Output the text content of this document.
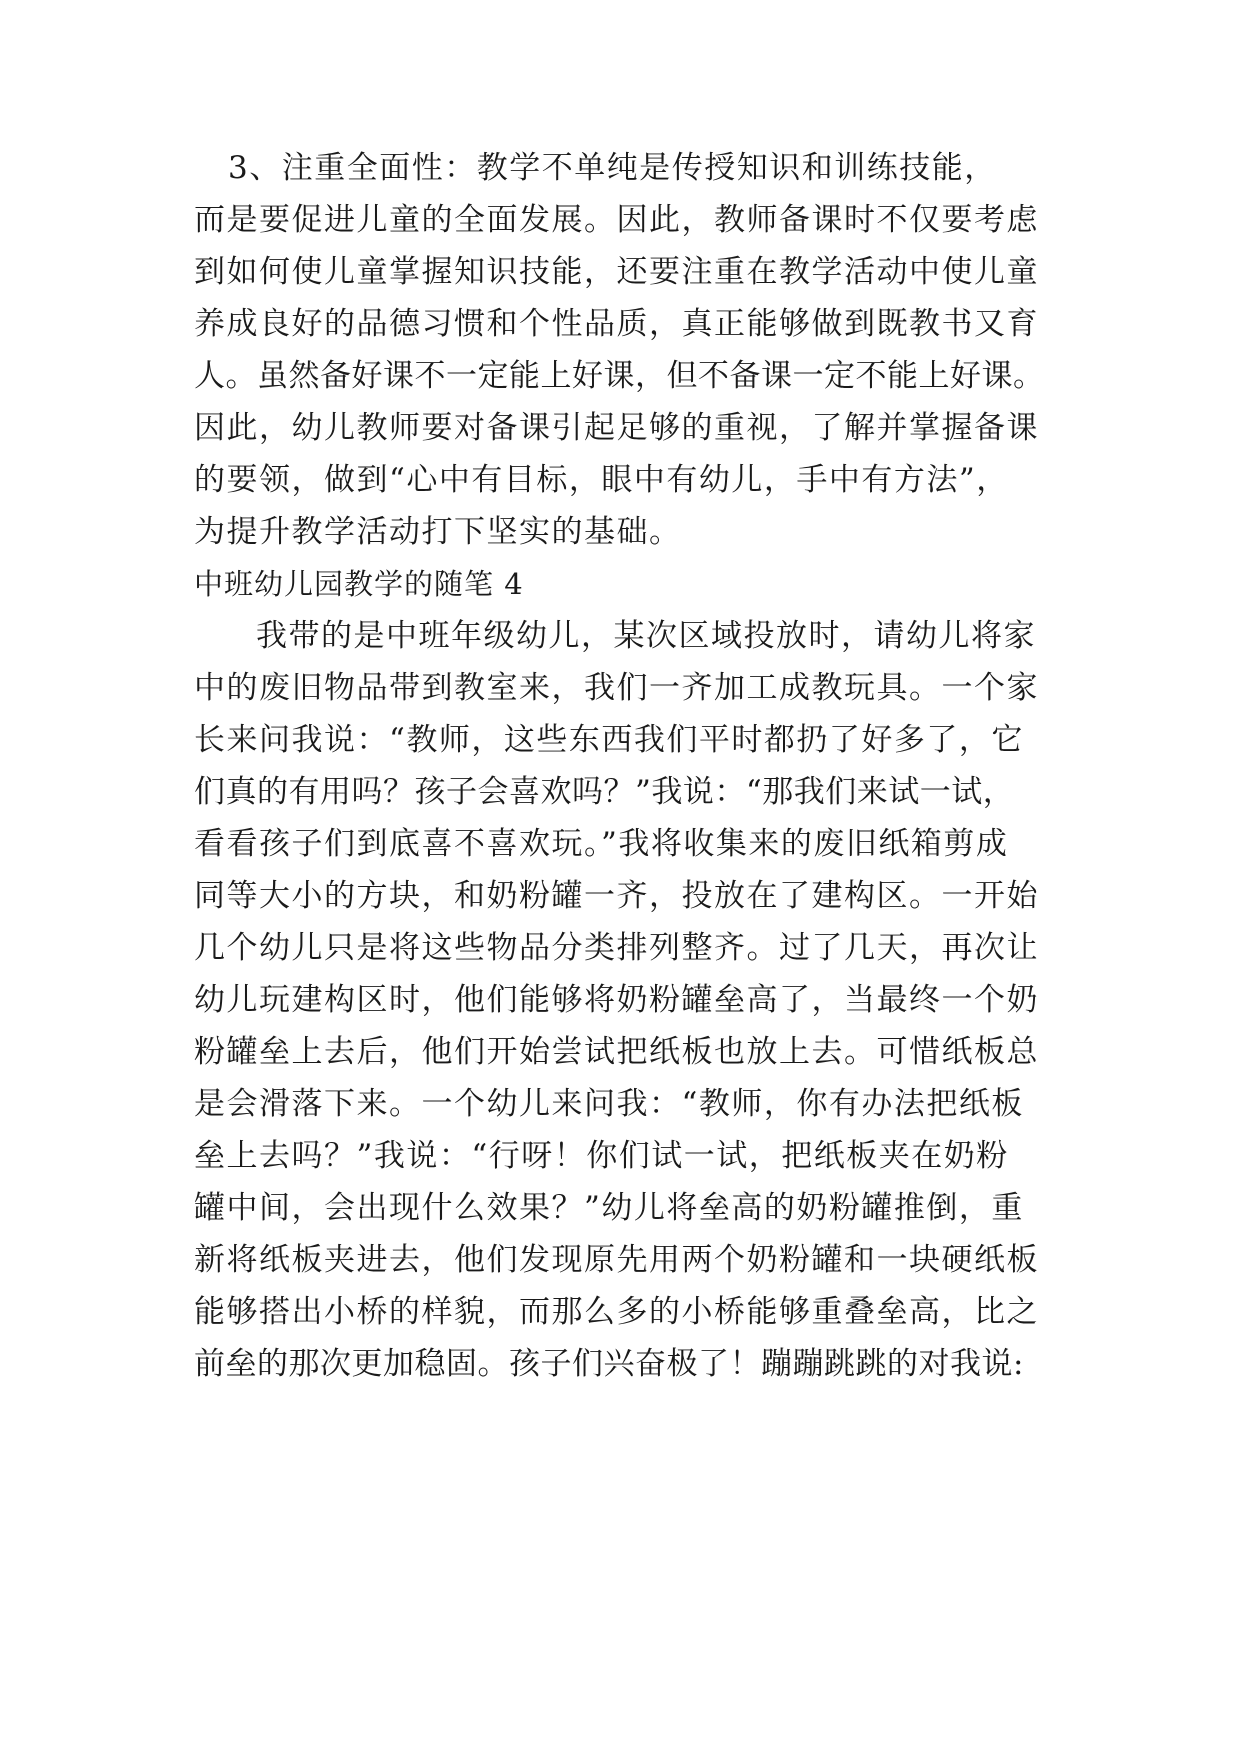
3、注重全面性：教学不单纯是传授知识和训练技能，
而是要促进儿童的全面发展。因此，教师备课时不仅要考虑
到如何使儿童掌握知识技能，还要注重在教学活动中使儿童
养成良好的品德习惯和个性品质，真正能够做到既教书又育
人。虽然备好课不一定能上好课，但不备课一定不能上好课。
因此，幼儿教师要对备课引起足够的重视，了解并掌握备课
的要领，做到“心中有目标，眼中有幼儿，手中有方法”，
为提升教学活动打下坚实的基础。
中班幼儿园教学的随笔 4
我带的是中班年级幼儿，某次区域投放时，请幼儿将家
中的废旧物品带到教室来，我们一齐加工成教玩具。一个家
长来问我说：“教师，这些东西我们平时都扔了好多了，它
们真的有用吗？孩子会喜欢吗？”我说：“那我们来试一试，
看看孩子们到底喜不喜欢玩。”我将收集来的废旧纸箱剪成
同等大小的方块，和奶粉罐一齐，投放在了建构区。一开始
几个幼儿只是将这些物品分类排列整齐。过了几天，再次让
幼儿玩建构区时，他们能够将奶粉罐垒高了，当最终一个奶
粉罐垒上去后，他们开始尝试把纸板也放上去。可惜纸板总
是会滑落下来。一个幼儿来问我：“教师，你有办法把纸板
垒上去吗？”我说：“行呀！你们试一试，把纸板夹在奶粉
罐中间，会出现什么效果？”幼儿将垒高的奶粉罐推倒，重
新将纸板夹进去，他们发现原先用两个奶粉罐和一块硬纸板
能够搭出小桥的样貌，而那么多的小桥能够重叠垒高，比之
前垒的那次更加稳固。孩子们兴奋极了！蹦蹦跳跳的对我说:
